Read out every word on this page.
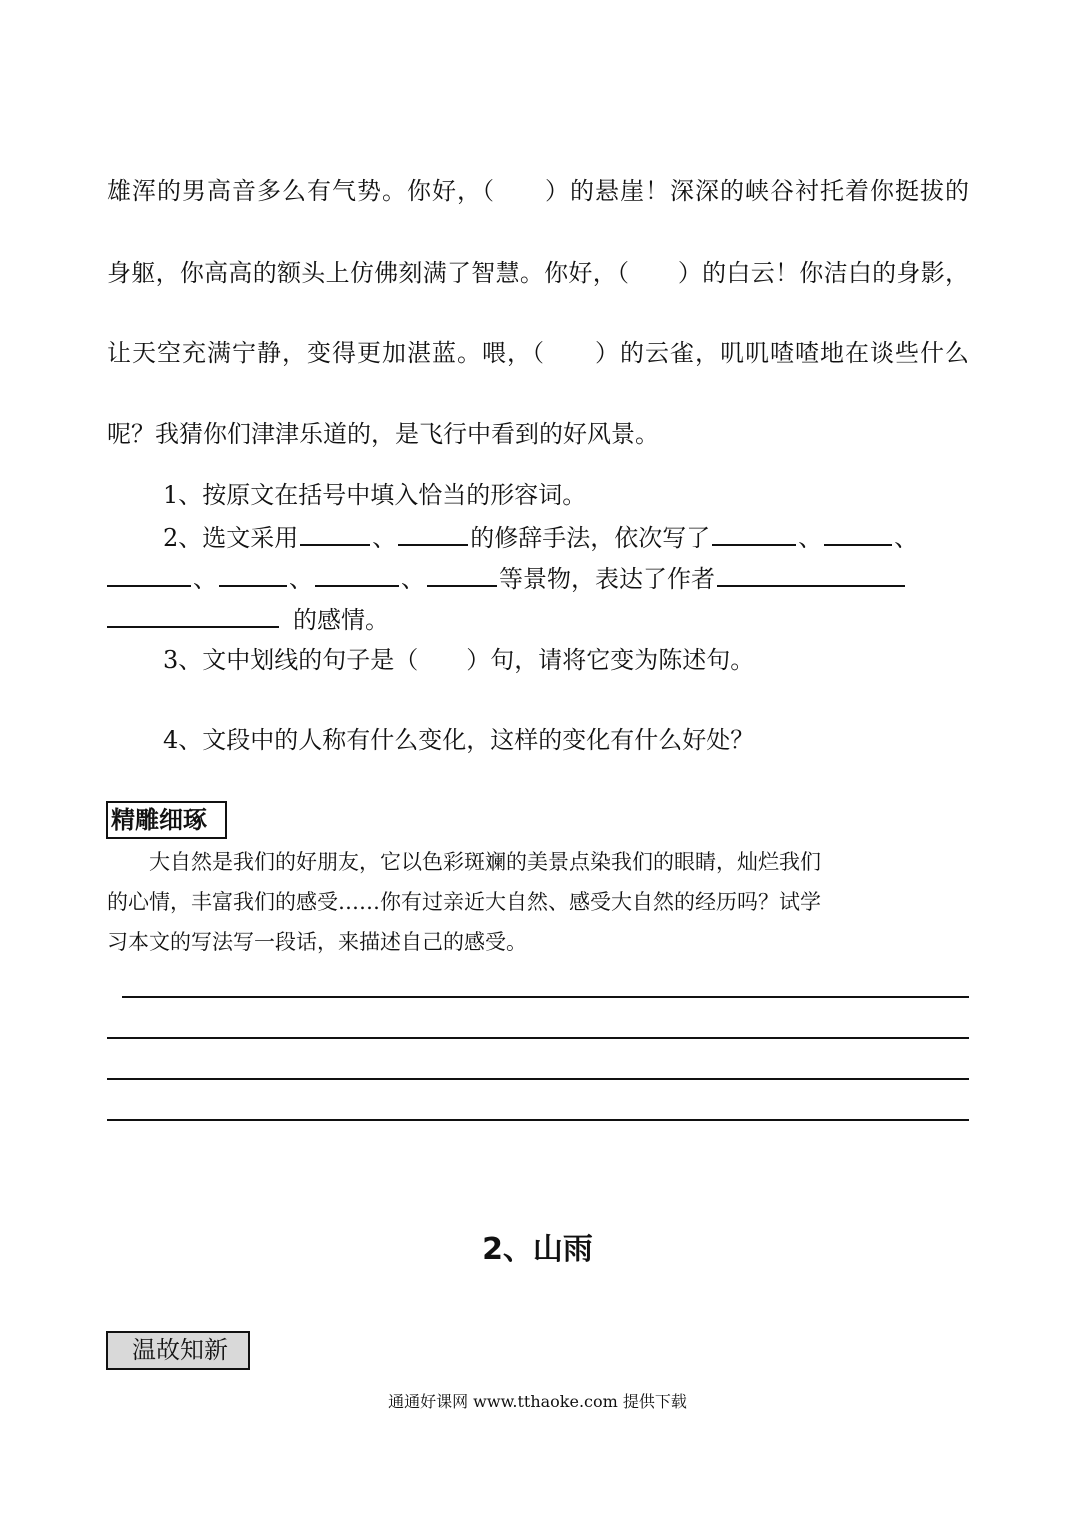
雄浑的男高音多么有气势。你好，（　　）的悬崖！深深的峡谷衬托着你挺拔的
身躯，你高高的额头上仿佛刻满了智慧。你好，（　　）的白云！你洁白的身影，
让天空充满宁静，变得更加湛蓝。喂，（　　）的云雀，叽叽喳喳地在谈些什么
呢？我猜你们津津乐道的，是飞行中看到的好风景。
1、按原文在括号中填入恰当的形容词。
2、选文采用	、	的修辞手法，依次写了	、	、
、	、	、	等景物，表达了作者
的感情。
3、文中划线的句子是（　　）句，请将它变为陈述句。
4、文段中的人称有什么变化，这样的变化有什么好处？
精雕细琢
　　大自然是我们的好朋友，它以色彩斑斓的美景点染我们的眼睛，灿烂我们
的心情，丰富我们的感受……你有过亲近大自然、感受大自然的经历吗？试学
习本文的写法写一段话，来描述自己的感受。
2、山雨
温故知新
通通好课网 www.tthaoke.com 提供下载
